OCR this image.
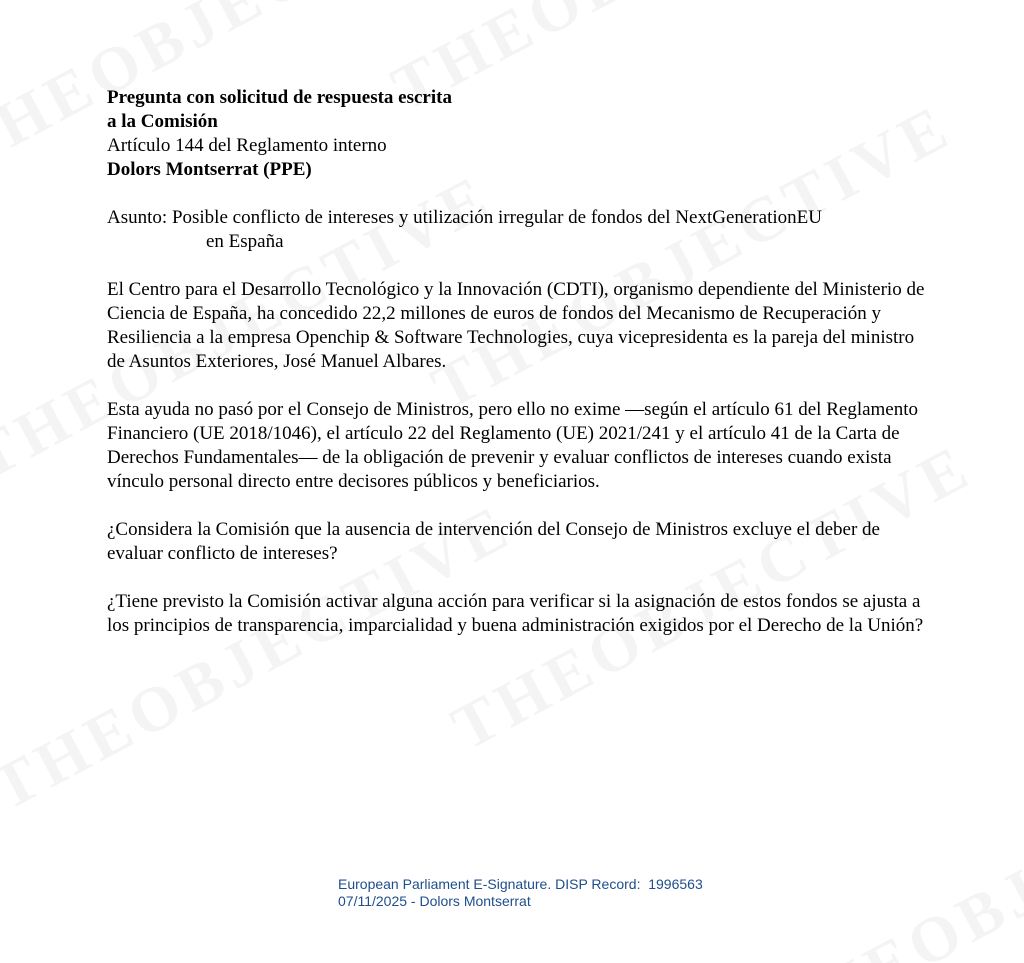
Pregunta con solicitud de respuesta escrita
a la Comisión
Artículo 144 del Reglamento interno
Dolors Montserrat (PPE)
Asunto: Posible conflicto de intereses y utilización irregular de fondos del NextGenerationEU
en España

El Centro para el Desarrollo Tecnológico y la Innovación (CDTI), organismo dependiente del Ministerio de Ciencia de España, ha concedido 22,2 millones de euros de fondos del Mecanismo de Recuperación y Resiliencia a la empresa Openchip & Software Technologies, cuya vicepresidenta es la pareja del ministro de Asuntos Exteriores, José Manuel Albares.

Esta ayuda no pasó por el Consejo de Ministros, pero ello no exime —según el artículo 61 del Reglamento Financiero (UE 2018/1046), el artículo 22 del Reglamento (UE) 2021/241 y el artículo 41 de la Carta de Derechos Fundamentales— de la obligación de prevenir y evaluar conflictos de intereses cuando exista vínculo personal directo entre decisores públicos y beneficiarios.

¿Considera la Comisión que la ausencia de intervención del Consejo de Ministros excluye el deber de evaluar conflicto de intereses?

¿Tiene previsto la Comisión activar alguna acción para verificar si la asignación de estos fondos se ajusta a los principios de transparencia, imparcialidad y buena administración exigidos por el Derecho de la Unión?

European Parliament E-Signature. DISP Record:  1996563
07/11/2025 - Dolors Montserrat
